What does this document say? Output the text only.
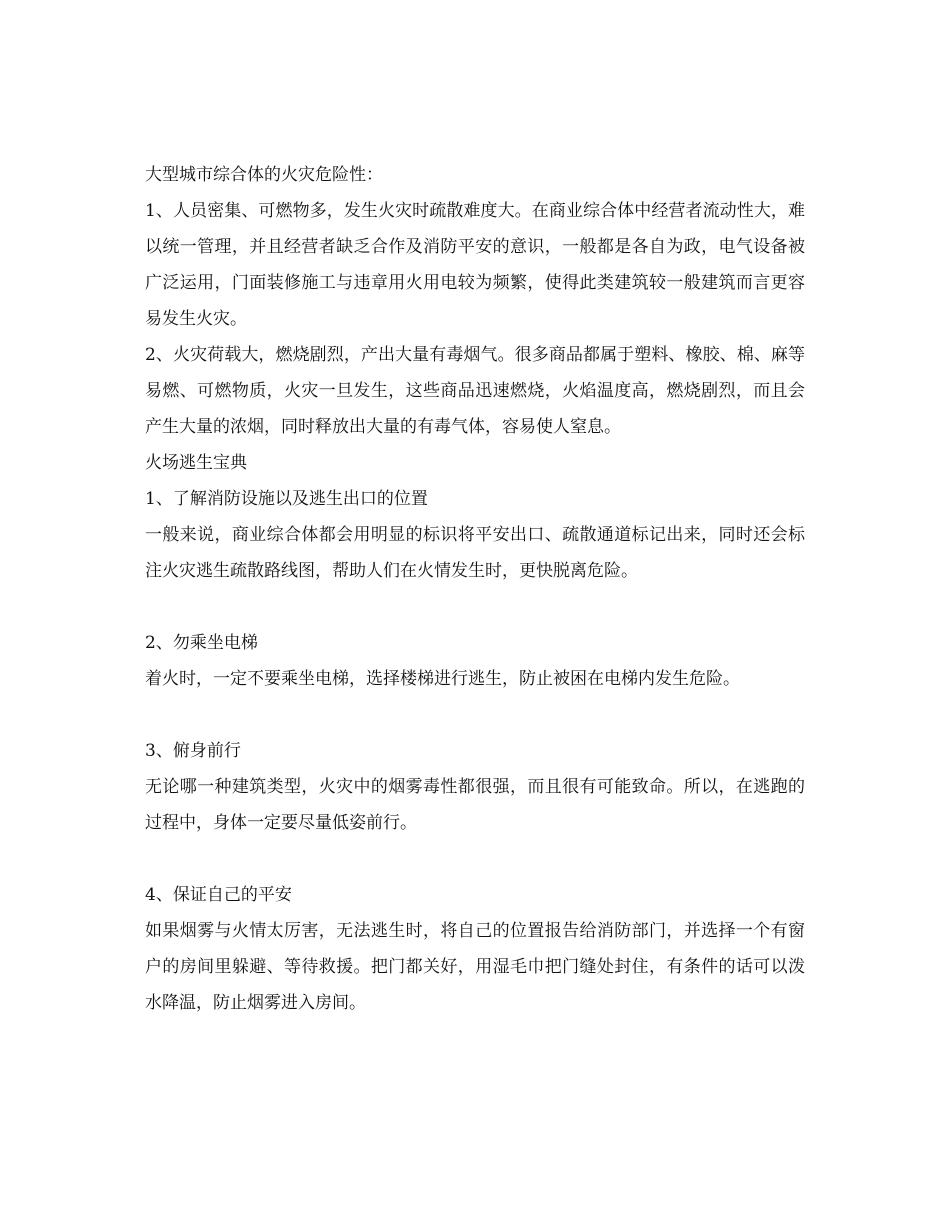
大型城市综合体的火灾危险性：
1、人员密集、可燃物多，发生火灾时疏散难度大。在商业综合体中经营者流动性大，难以统一管理，并且经营者缺乏合作及消防平安的意识，一般都是各自为政，电气设备被广泛运用，门面装修施工与违章用火用电较为频繁，使得此类建筑较一般建筑而言更容易发生火灾。
2、火灾荷载大，燃烧剧烈，产出大量有毒烟气。很多商品都属于塑料、橡胶、棉、麻等易燃、可燃物质，火灾一旦发生，这些商品迅速燃烧，火焰温度高，燃烧剧烈，而且会产生大量的浓烟，同时释放出大量的有毒气体，容易使人窒息。
火场逃生宝典
1、了解消防设施以及逃生出口的位置
一般来说，商业综合体都会用明显的标识将平安出口、疏散通道标记出来，同时还会标注火灾逃生疏散路线图，帮助人们在火情发生时，更快脱离危险。
2、勿乘坐电梯
着火时，一定不要乘坐电梯，选择楼梯进行逃生，防止被困在电梯内发生危险。
3、俯身前行
无论哪一种建筑类型，火灾中的烟雾毒性都很强，而且很有可能致命。所以，在逃跑的过程中，身体一定要尽量低姿前行。
4、保证自己的平安
如果烟雾与火情太厉害，无法逃生时，将自己的位置报告给消防部门，并选择一个有窗户的房间里躲避、等待救援。把门都关好，用湿毛巾把门缝处封住，有条件的话可以泼水降温，防止烟雾进入房间。
